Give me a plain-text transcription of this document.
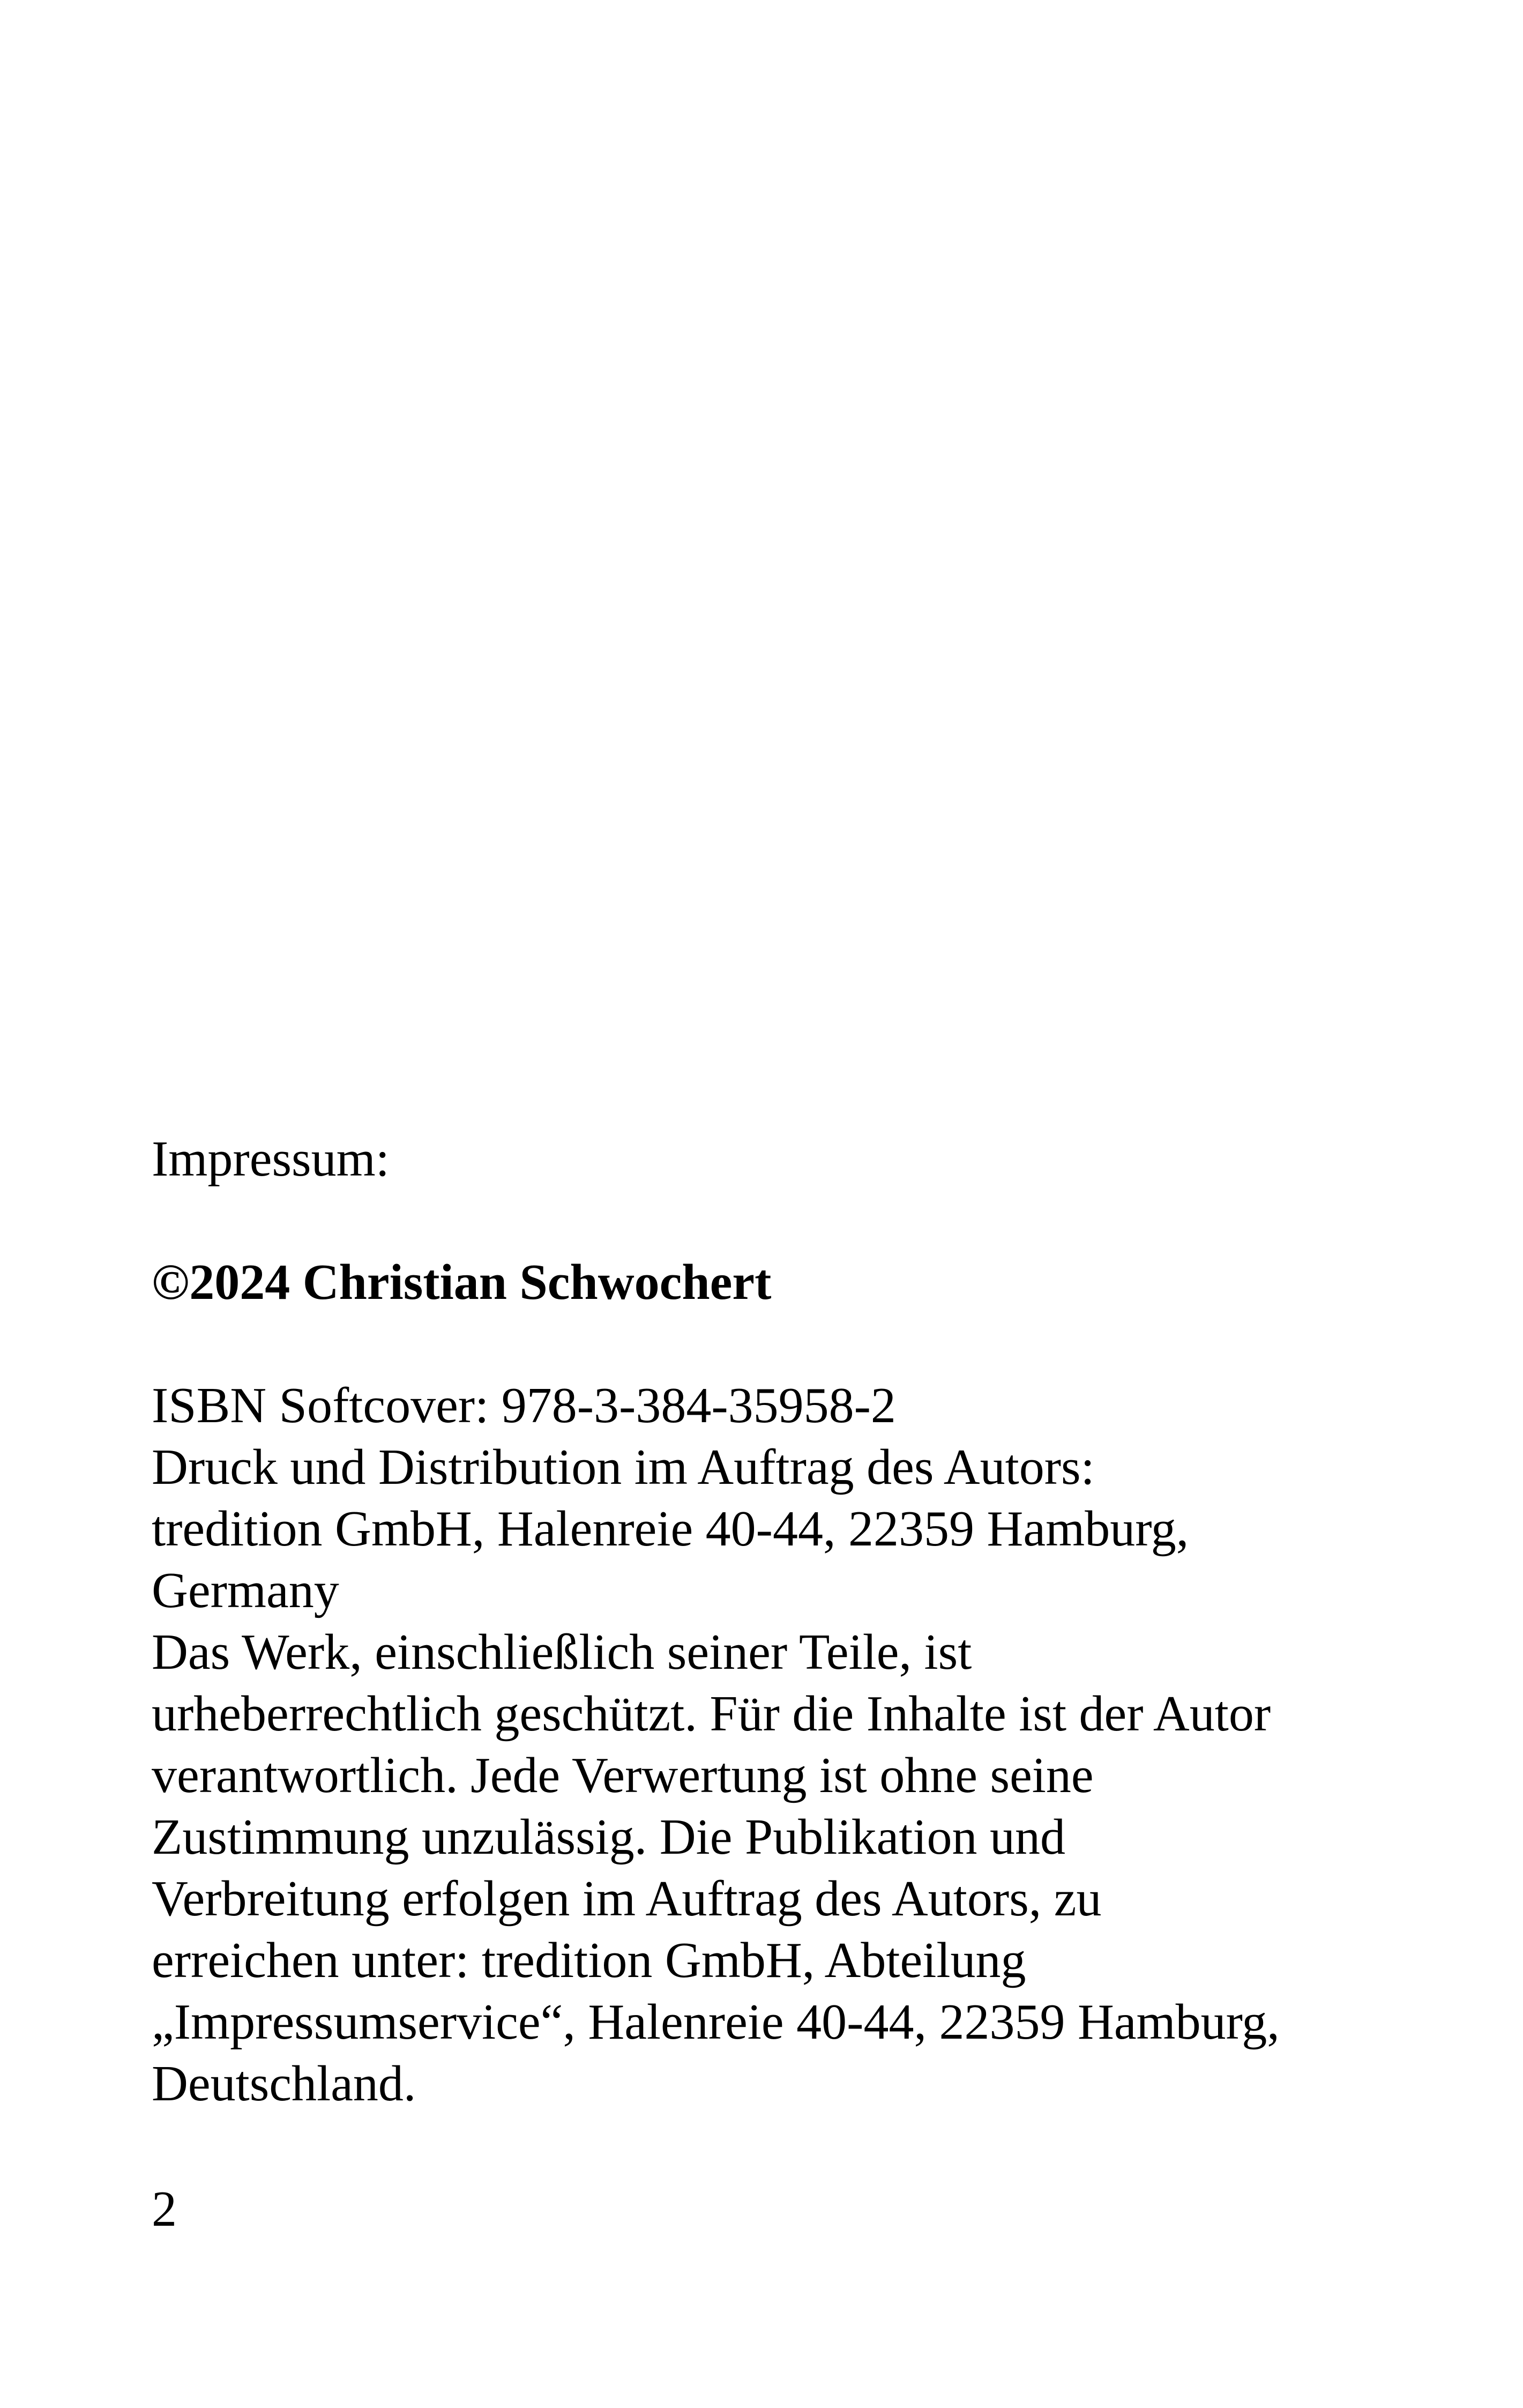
Impressum:
©2024 Christian Schwochert
ISBN Softcover: 978-3-384-35958-2
Druck und Distribution im Auftrag des Autors:
tredition GmbH, Halenreie 40-44, 22359 Hamburg,
Germany
Das Werk, einschließlich seiner Teile, ist
urheberrechtlich geschützt. Für die Inhalte ist der Autor
verantwortlich. Jede Verwertung ist ohne seine
Zustimmung unzulässig. Die Publikation und
Verbreitung erfolgen im Auftrag des Autors, zu
erreichen unter: tredition GmbH, Abteilung
„Impressumservice“, Halenreie 40-44, 22359 Hamburg,
Deutschland.
2
